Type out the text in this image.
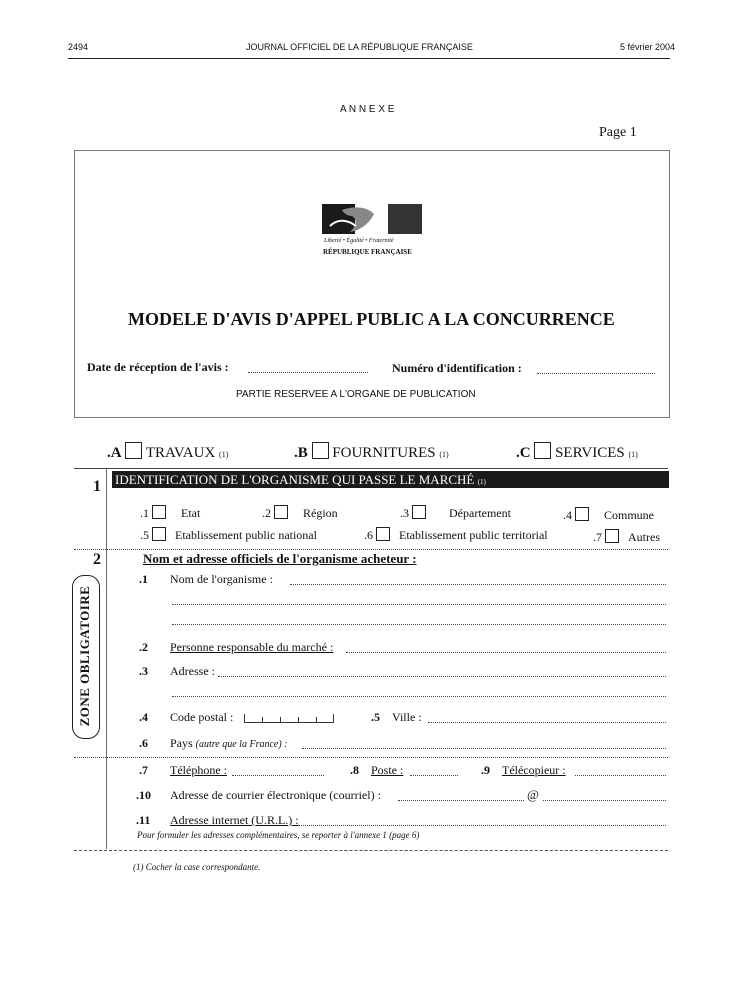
2494	JOURNAL OFFICIEL DE LA RÉPUBLIQUE FRANÇAISE	5 février 2004
A N N E X E
Page 1
Liberté • Égalité • Fraternité
RÉPUBLIQUE FRANÇAISE
MODELE D'AVIS D'APPEL PUBLIC A LA CONCURRENCE
Date de réception de l'avis :	Numéro d'identification :
PARTIE RESERVEE A L'ORGANE DE PUBLICATION
.A TRAVAUX (1)	.B FOURNITURES (1)	.C SERVICES (1)
1 IDENTIFICATION DE L'ORGANISME QUI PASSE LE MARCHÉ (1)
.1	Etat	.2	Région	.3	Département	.4	Commune
.5 Etablissement public national	.6 Etablissement public territorial	.7 Autres
2	Nom et adresse officiels de l'organisme acheteur :
ZONE OBLIGATOIRE
.1 Nom de l'organisme :
.2 Personne responsable du marché :
.3 Adresse :
.4 Code postal :	.5 Ville :
.6 Pays (autre que la France) :
.7 Téléphone :	.8 Poste :	.9 Télécopieur :
.10 Adresse de courrier électronique (courriel) :	@
.11 Adresse internet (U.R.L.) :
Pour formuler les adresses complémentaires, se reporter à l'annexe 1 (page 6)
(1) Cocher la case correspondante.
